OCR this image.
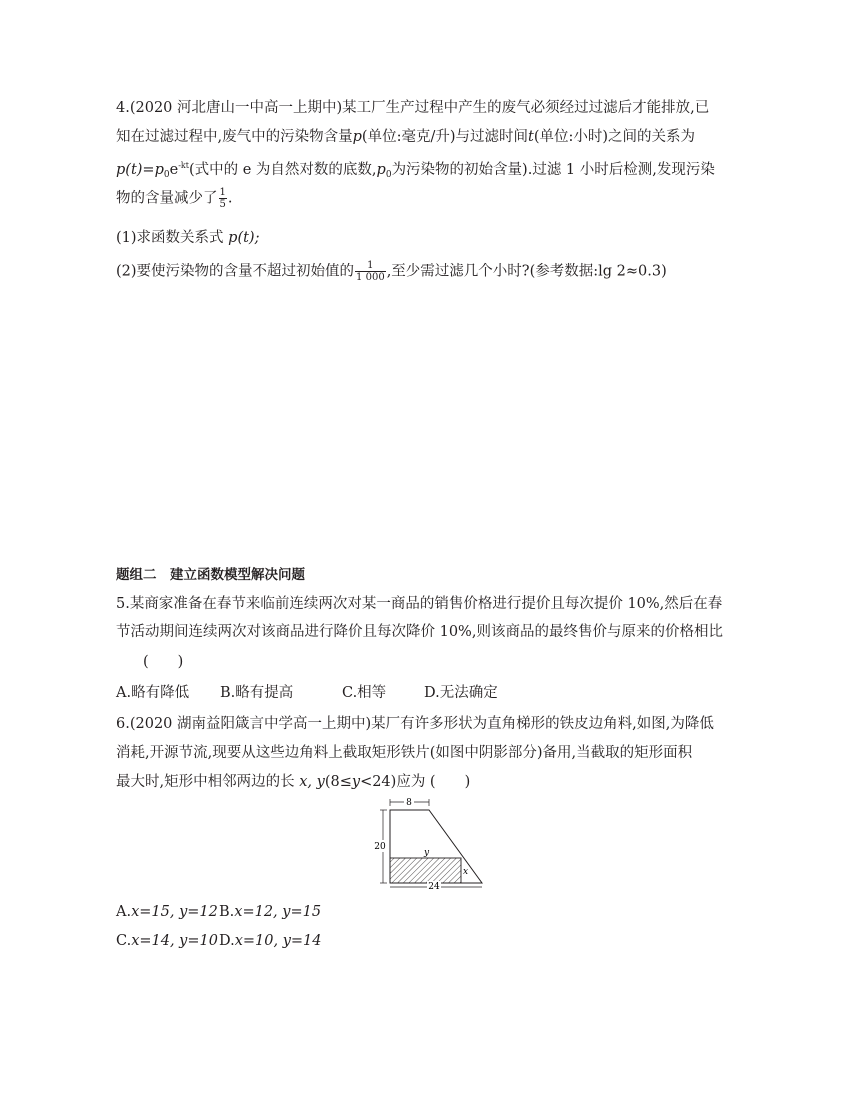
4.(2020 河北唐山一中高一上期中)某工厂生产过程中产生的废气必须经过过滤后才能排放,已
知在过滤过程中,废气中的污染物含量p(单位:毫克/升)与过滤时间t(单位:小时)之间的关系为
$p(t)=p_0e^{-kt}$(式中的 e 为自然对数的底数$,p_0$为污染物的初始含量).过滤 1 小时后检测,发现污染
物的含量减少了 $\frac{1}{5}$ .
(1)求函数关系式 p(t);
(2)要使污染物的含量不超过初始值的 $\frac{1}{1 000}$ ,至少需过滤几个小时?(参考数据:lg 2≈0.3)
题组二　建立函数模型解决问题
5.某商家准备在春节来临前连续两次对某一商品的销售价格进行提价且每次提价 10%,然后在春
节活动期间连续两次对该商品进行降价且每次降价 10%,则该商品的最终售价与原来的价格相比
(　　)
A.略有降低 B.略有提高	C.相等	D.无法确定
6.(2020 湖南益阳箴言中学高一上期中)某厂有许多形状为直角梯形的铁皮边角料,如图,为降低
消耗,开源节流,现要从这些边角料上截取矩形铁片(如图中阴影部分)备用,当截取的矩形面积
最大时,矩形中相邻两边的长 x, y(8≤y<24)应为 (　　)
8
20
y
x
24
A.x=15, y=12B.x=12, y=15
C.x=14, y=10D.x=10, y=14
